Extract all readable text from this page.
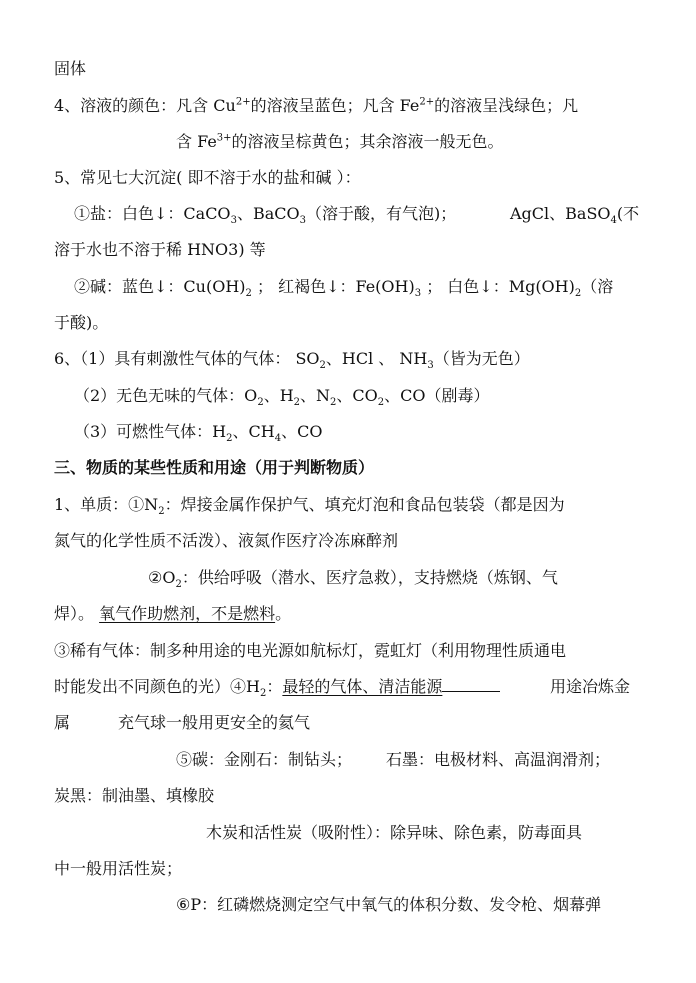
固体
4、溶液的颜色：凡含 $Cu^{2+}$的溶液呈蓝色；凡含 $Fe^{2+}$的溶液呈浅绿色；凡
含 $Fe^{3+}$的溶液呈棕黄色；其余溶液一般无色。
5、常见七大沉淀( 即不溶于水的盐和碱 ）：
①盐：白色↓：CaCO$_3$、BaCO$_3$（溶于酸，有气泡)；	AgCl、BaSO$_4$(不
溶于水也不溶于稀 HNO3) 等
②碱：蓝色↓：$Cu(OH)_2$ ； 红褐色↓：$Fe(OH)_3$ ； 白色↓：$Mg(OH)_2$（溶
于酸)。
6、（1）具有刺激性气体的气体： $SO_2$、HCl 、 $NH_3$（皆为无色）
（2）无色无味的气体：$O_2$、$H_2$、$N_2$、$CO_2$、CO（剧毒）
（3）可燃性气体：$H_2$、$CH_4$、CO
三、物质的某些性质和用途（用于判断物质）
1、单质：$①N_2$：焊接金属作保护气、填充灯泡和食品包装袋（都是因为
氮气的化学性质不活泼）、液氮作医疗冷冻麻醉剂
$②O_2$：供给呼吸（潜水、医疗急救），支持燃烧（炼钢、气
焊）。 氧气作助燃剂，不是燃料。
③稀有气体：制多种用途的电光源如航标灯，霓虹灯（利用物理性质通电
时能发出不同颜色的光）$④H_2$：最轻的气体、清洁能源	用途冶炼金
属	充气球一般用更安全的氦气
⑤碳：金刚石：制钻头； 石墨：电极材料、高温润滑剂；
炭黑：制油墨、填橡胶
木炭和活性炭（吸附性）：除异味、除色素，防毒面具
中一般用活性炭；
⑥P：红磷燃烧测定空气中氧气的体积分数、发令枪、烟幕弹
